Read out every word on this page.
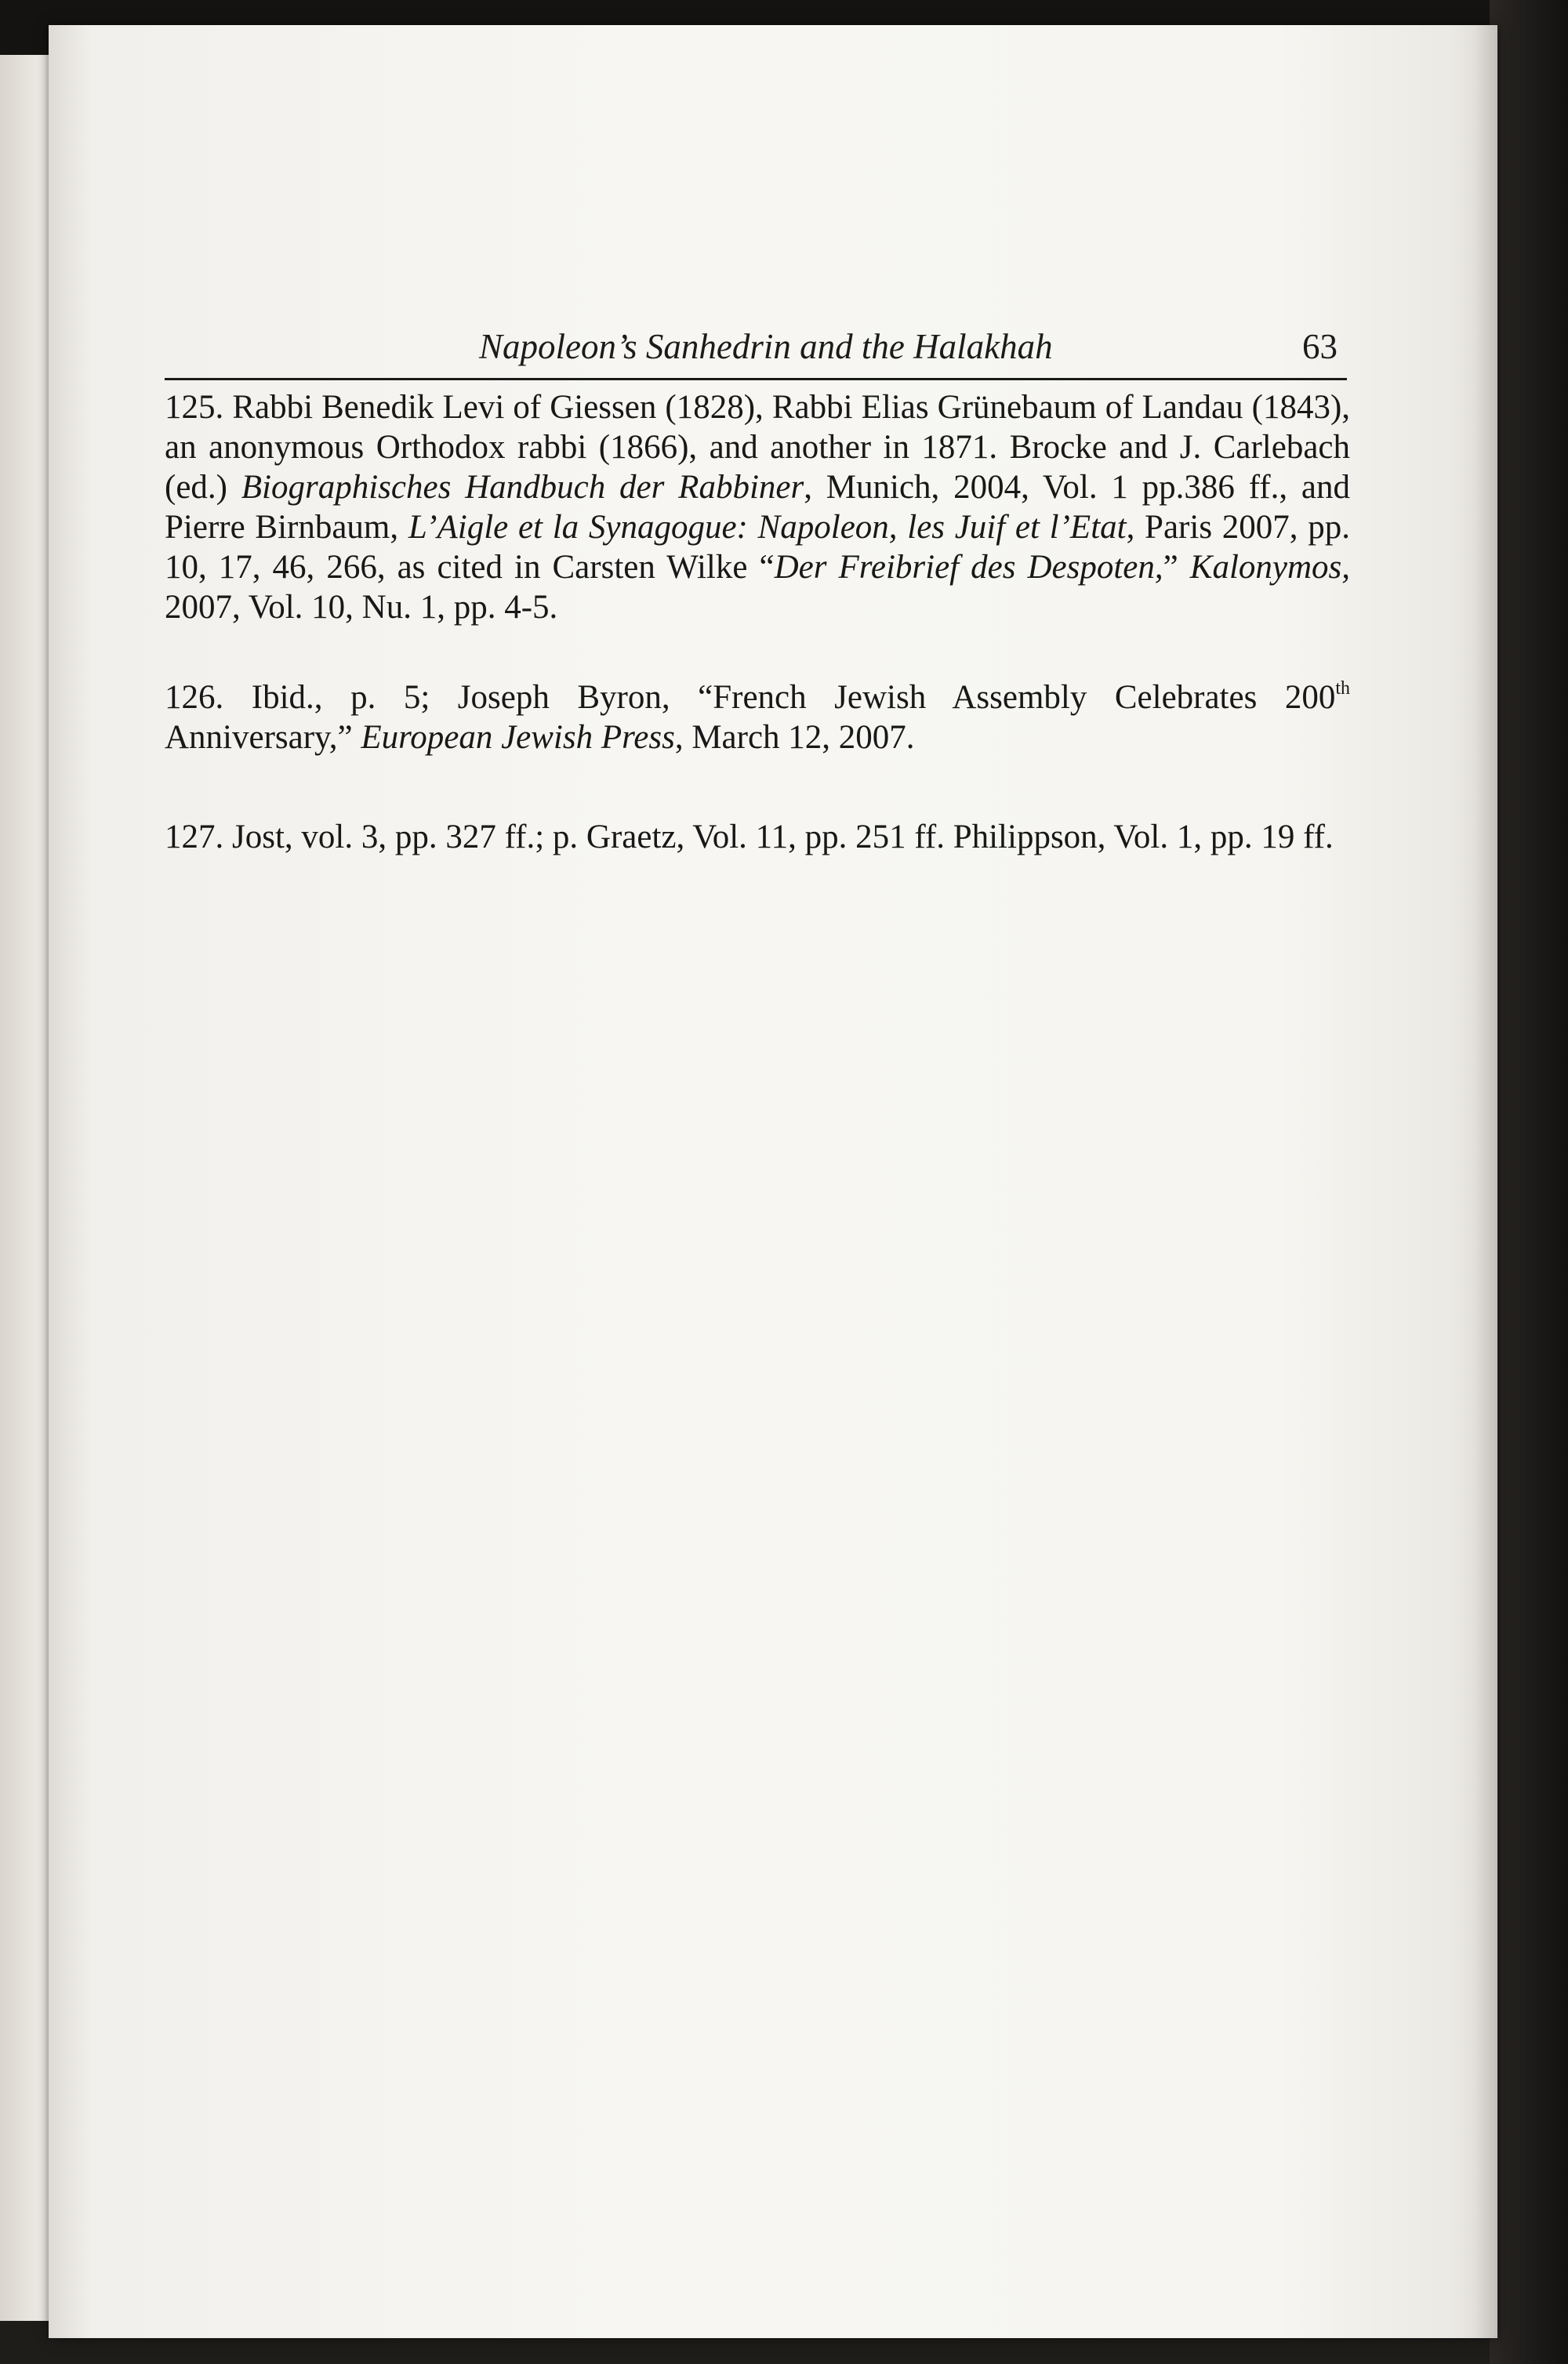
Napoleon’s Sanhedrin and the Halakhah	63

125. Rabbi Benedik Levi of Giessen (1828), Rabbi Elias Grünebaum of Landau (1843), an anonymous Orthodox rabbi (1866), and another in 1871. Brocke and J. Carlebach (ed.) Biographisches Handbuch der Rabbiner, Munich, 2004, Vol. 1 pp.386 ff., and Pierre Birnbaum, L’Aigle et la Synagogue: Napoleon, les Juif et l’Etat, Paris 2007, pp. 10, 17, 46, 266, as cited in Carsten Wilke “Der Freibrief des Despoten,” Kalonymos, 2007, Vol. 10, Nu. 1, pp. 4-5.

126. Ibid., p. 5; Joseph Byron, “French Jewish Assembly Celebrates 200th Anniversary,” European Jewish Press, March 12, 2007.

127. Jost, vol. 3, pp. 327 ff.; p. Graetz, Vol. 11, pp. 251 ff. Philippson, Vol. 1, pp. 19 ff.
